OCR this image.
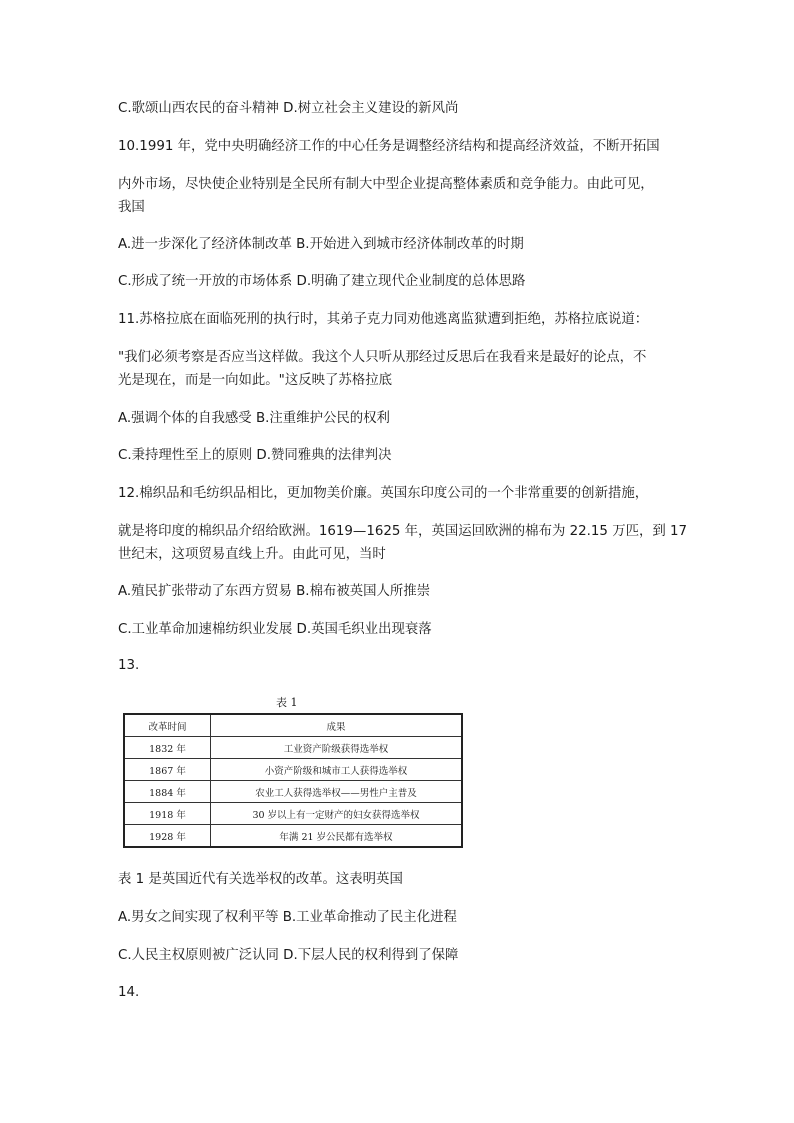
C.歌颂山西农民的奋斗精神 D.树立社会主义建设的新风尚
10.1991 年，党中央明确经济工作的中心任务是调整经济结构和提高经济效益，不断开拓国
内外市场，尽快使企业特别是全民所有制大中型企业提高整体素质和竞争能力。由此可见，
我国
A.进一步深化了经济体制改革 B.开始进入到城市经济体制改革的时期
C.形成了统一开放的市场体系 D.明确了建立现代企业制度的总体思路
11.苏格拉底在面临死刑的执行时，其弟子克力同劝他逃离监狱遭到拒绝，苏格拉底说道：
"我们必须考察是否应当这样做。我这个人只听从那经过反思后在我看来是最好的论点，不
光是现在，而是一向如此。"这反映了苏格拉底
A.强调个体的自我感受 B.注重维护公民的权利
C.秉持理性至上的原则 D.赞同雅典的法律判决
12.棉织品和毛纺织品相比，更加物美价廉。英国东印度公司的一个非常重要的创新措施，
就是将印度的棉织品介绍给欧洲。1619—1625 年，英国运回欧洲的棉布为 22.15 万匹，到 17
世纪末，这项贸易直线上升。由此可见，当时
A.殖民扩张带动了东西方贸易 B.棉布被英国人所推崇
C.工业革命加速棉纺织业发展 D.英国毛织业出现衰落
13.
表 1
改革时间	成果
1832 年	工业资产阶级获得选举权
1867 年	小资产阶级和城市工人获得选举权
1884 年	农业工人获得选举权——男性户主普及
1918 年	30 岁以上有一定财产的妇女获得选举权
1928 年	年满 21 岁公民都有选举权
表 1 是英国近代有关选举权的改革。这表明英国
A.男女之间实现了权利平等 B.工业革命推动了民主化进程
C.人民主权原则被广泛认同 D.下层人民的权利得到了保障
14.
